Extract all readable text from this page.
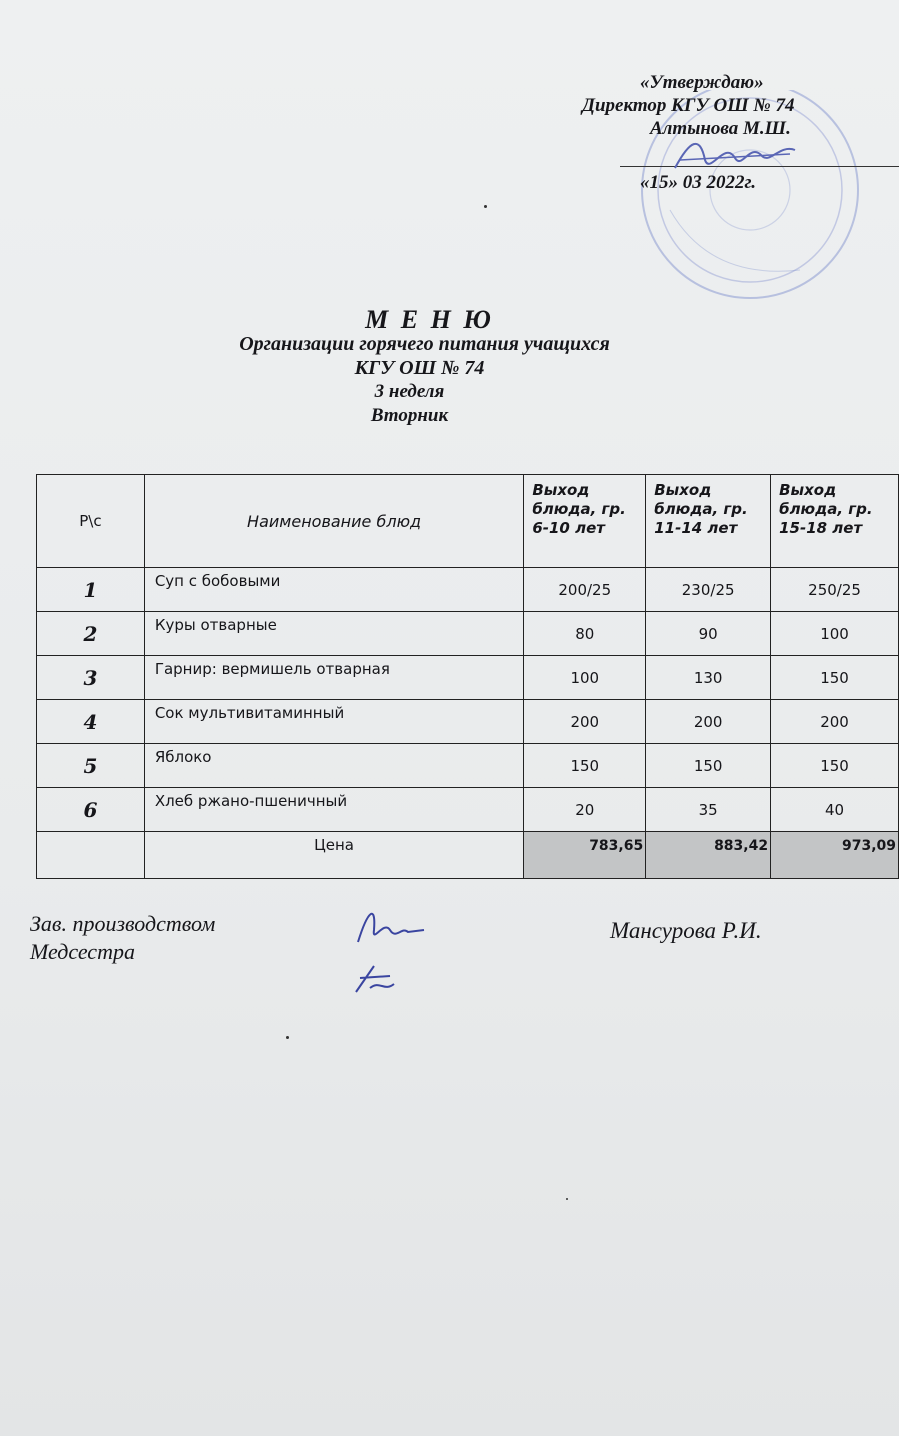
«Утверждаю»
Директор КГУ ОШ № 74
Алтынова М.Ш.
«15» 03 2022г.
М Е Н Ю
Организации горячего питания учащихся
КГУ ОШ № 74
3 неделя
Вторник
Р\с	Наименование блюд	Выход блюда, гр. 6-10 лет	Выход блюда, гр. 11-14 лет	Выход блюда, гр. 15-18 лет
1	Суп с бобовыми	200/25	230/25	250/25
2	Куры отварные	80	90	100
3	Гарнир: вермишель отварная	100	130	150
4	Сок мультивитаминный	200	200	200
5	Яблоко	150	150	150
6	Хлеб ржано-пшеничный	20	35	40
	Цена	783,65	883,42	973,09
Зав. производством
Медсестра
Мансурова Р.И.
